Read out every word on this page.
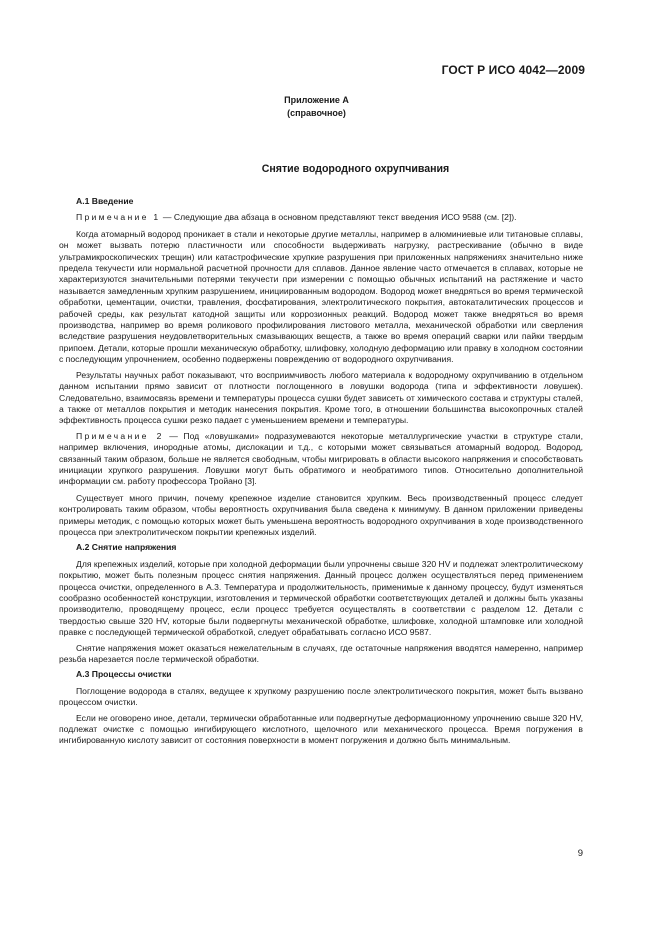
ГОСТ Р ИСО 4042—2009
Приложение А
(справочное)
Снятие водородного охрупчивания
А.1 Введение

Примечание 1 — Следующие два абзаца в основном представляют текст введения ИСО 9588 (см. [2]).

Когда атомарный водород проникает в стали и некоторые другие металлы, например в алюминиевые или титановые сплавы, он может вызвать потерю пластичности или способности выдерживать нагрузку, растрескивание (обычно в виде ультрамикроскопических трещин) или катастрофические хрупкие разрушения при приложенных напряжениях значительно ниже предела текучести или нормальной расчетной прочности для сплавов. Данное явление часто отмечается в сплавах, которые не характеризуются значительными потерями текучести при измерении с помощью обычных испытаний на растяжение и часто называется замедленным хрупким разрушением, инициированным водородом. Водород может внедряться во время термической обработки, цементации, очистки, травления, фосфатирования, электролитического покрытия, автокаталитических процессов и рабочей среды, как результат катодной защиты или коррозионных реакций. Водород может также внедряться во время производства, например во время роликового профилирования листового металла, механической обработки или сверления вследствие разрушения неудовлетворительных смазывающих веществ, а также во время операций сварки или пайки твердым припоем. Детали, которые прошли механическую обработку, шлифовку, холодную деформацию или правку в холодном состоянии с последующим упрочнением, особенно подвержены повреждению от водородного охрупчивания.

Результаты научных работ показывают, что восприимчивость любого материала к водородному охрупчиванию в отдельном данном испытании прямо зависит от плотности поглощенного в ловушки водорода (типа и эффективности ловушек). Следовательно, взаимосвязь времени и температуры процесса сушки будет зависеть от химического состава и структуры сталей, а также от металлов покрытия и методик нанесения покрытия. Кроме того, в отношении большинства высокопрочных сталей эффективность процесса сушки резко падает с уменьшением времени и температуры.

Примечание 2 — Под «ловушками» подразумеваются некоторые металлургические участки в структуре стали, например включения, инородные атомы, дислокации и т.д., с которыми может связываться атомарный водород. Водород, связанный таким образом, больше не является свободным, чтобы мигрировать в области высокого напряжения и способствовать инициации хрупкого разрушения. Ловушки могут быть обратимого и необратимого типов. Относительно дополнительной информации см. работу профессора Тройано [3].

Существует много причин, почему крепежное изделие становится хрупким. Весь производственный процесс следует контролировать таким образом, чтобы вероятность охрупчивания была сведена к минимуму. В данном приложении приведены примеры методик, с помощью которых может быть уменьшена вероятность водородного охрупчивания в ходе производственного процесса при электролитическом покрытии крепежных изделий.

А.2 Снятие напряжения

Для крепежных изделий, которые при холодной деформации были упрочнены свыше 320 HV и подлежат электролитическому покрытию, может быть полезным процесс снятия напряжения. Данный процесс должен осуществляться перед применением процесса очистки, определенного в А.3. Температура и продолжительность, применимые к данному процессу, будут изменяться сообразно особенностей конструкции, изготовления и термической обработки соответствующих деталей и должны быть указаны производителю, проводящему процесс, если процесс требуется осуществлять в соответствии с разделом 12. Детали с твердостью свыше 320 HV, которые были подвергнуты механической обработке, шлифовке, холодной штамповке или холодной правке с последующей термической обработкой, следует обрабатывать согласно ИСО 9587.

Снятие напряжения может оказаться нежелательным в случаях, где остаточные напряжения вводятся намеренно, например резьба нарезается после термической обработки.

А.3 Процессы очистки

Поглощение водорода в сталях, ведущее к хрупкому разрушению после электролитического покрытия, может быть вызвано процессом очистки.

Если не оговорено иное, детали, термически обработанные или подвергнутые деформационному упрочнению свыше 320 HV, подлежат очистке с помощью ингибирующего кислотного, щелочного или механического процесса. Время погружения в ингибированную кислоту зависит от состояния поверхности в момент погружения и должно быть минимальным.

9
